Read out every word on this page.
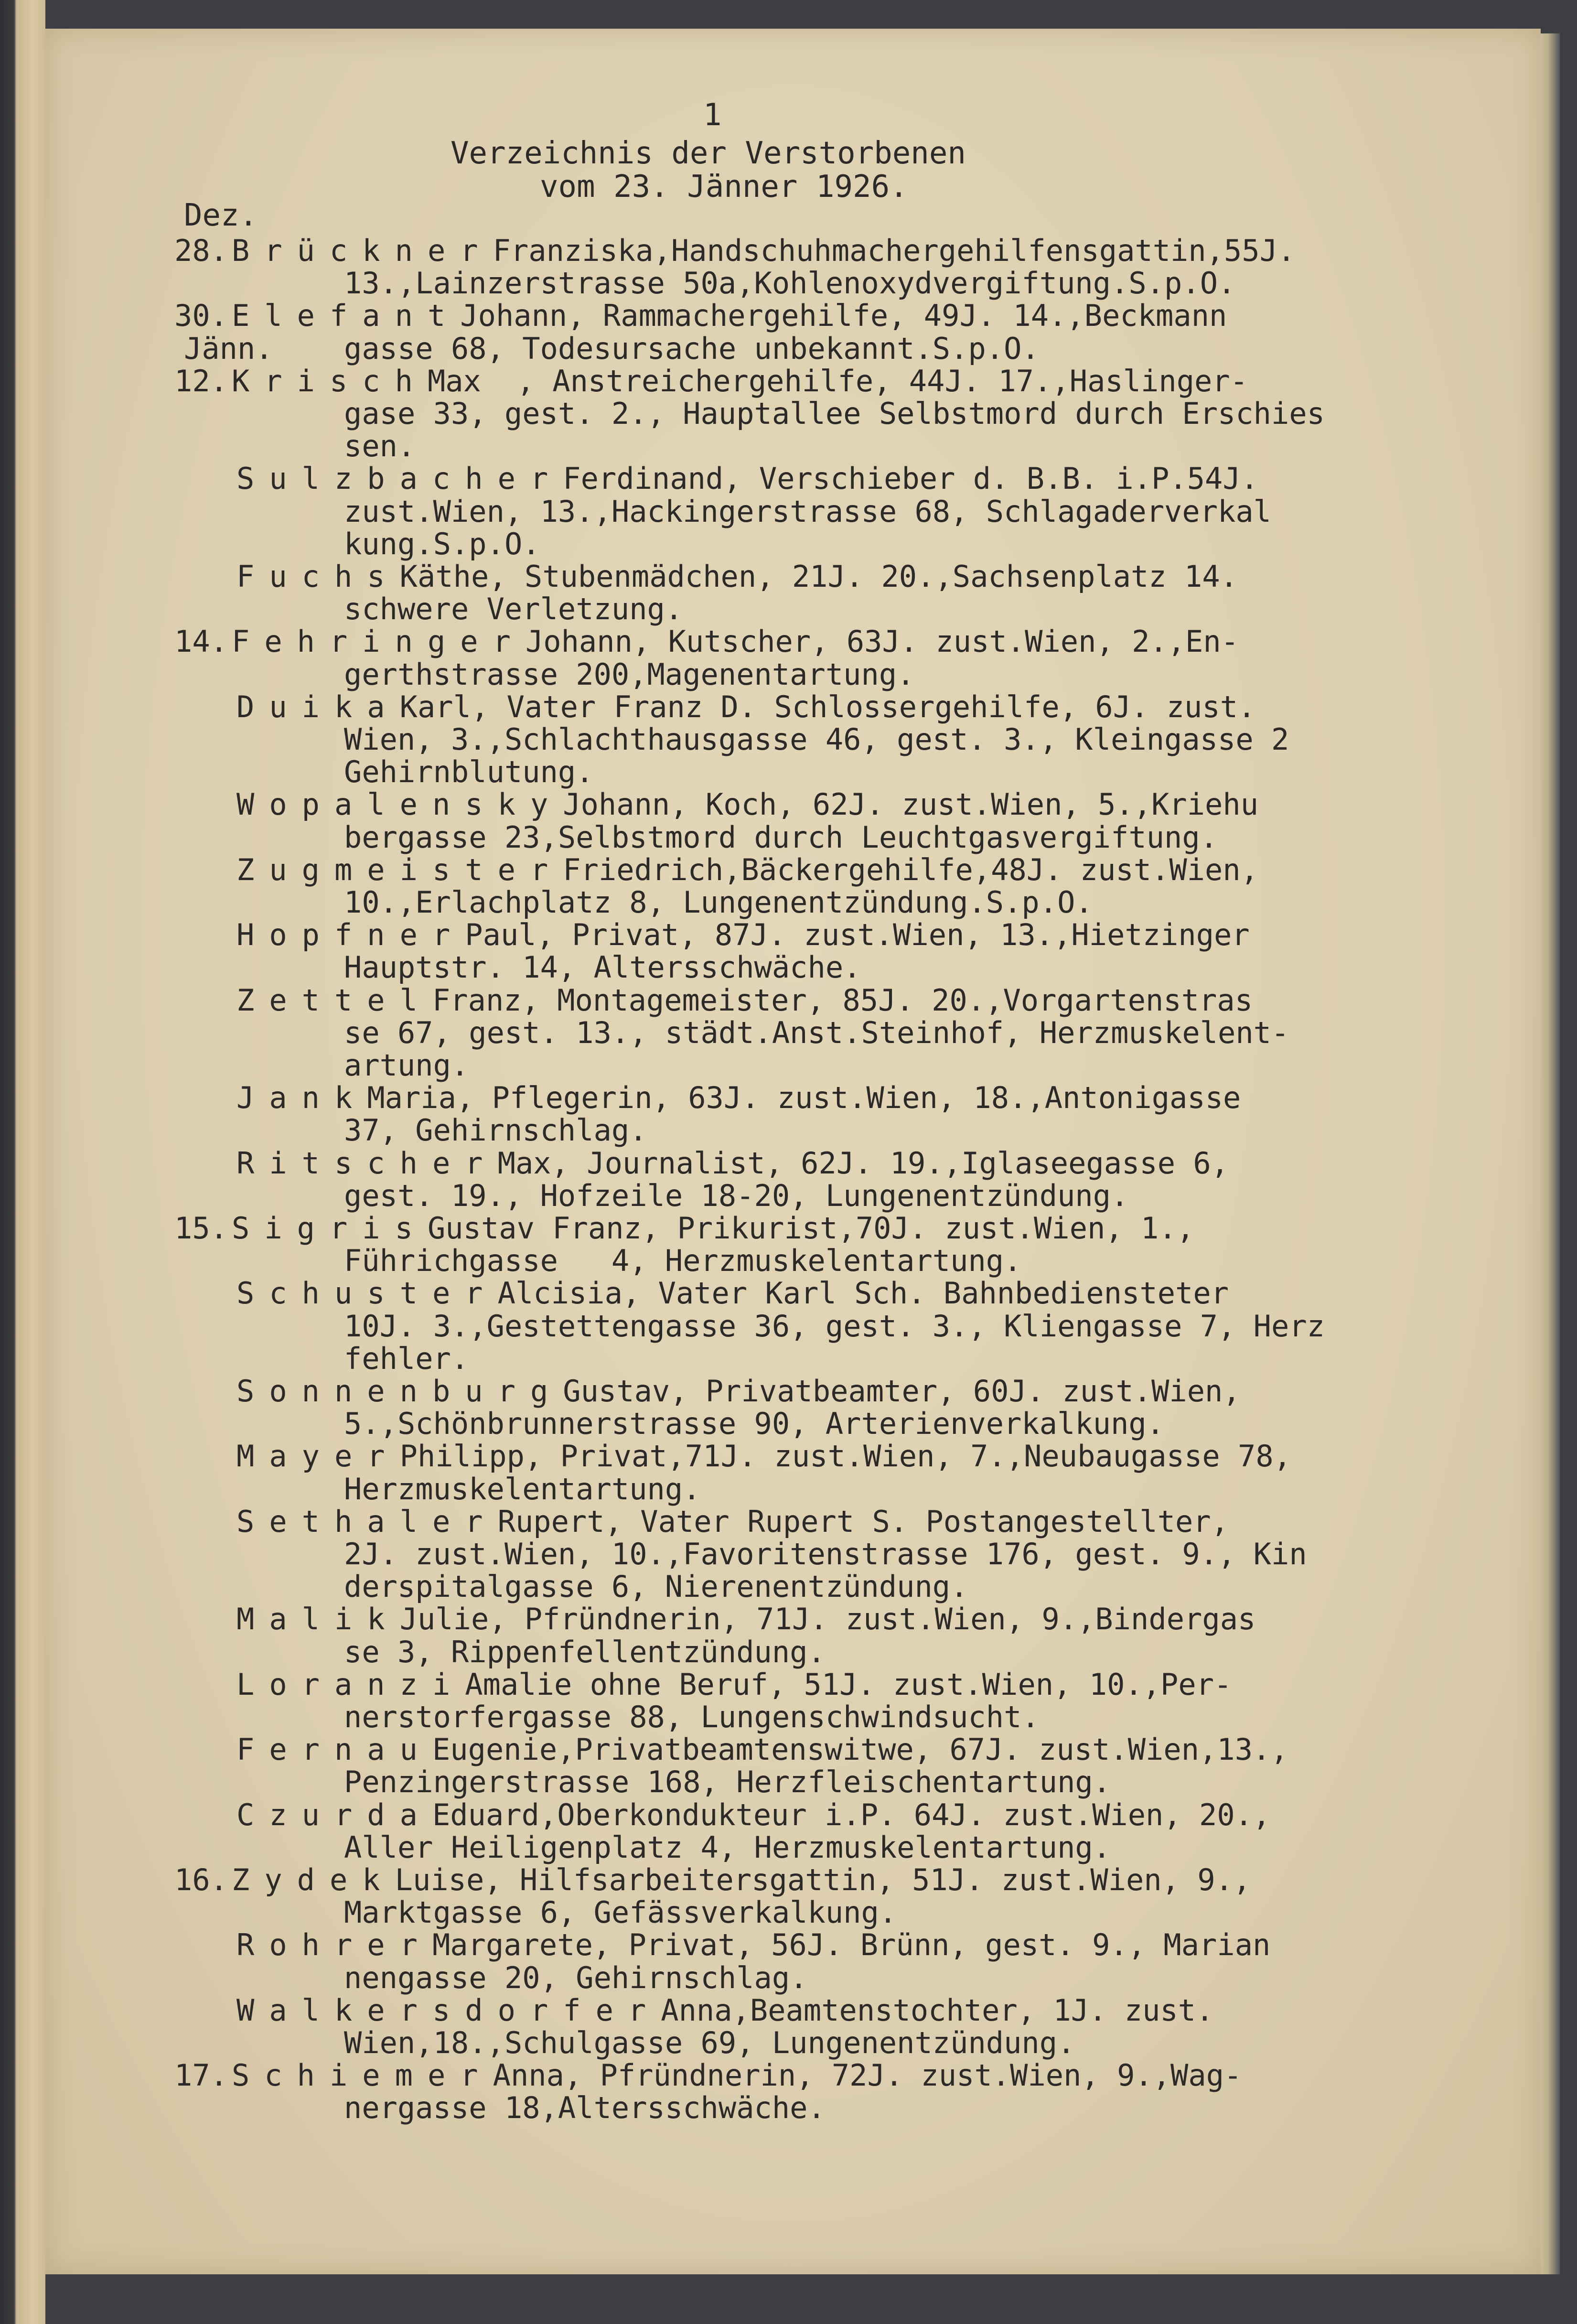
1
Verzeichnis der Verstorbenen
vom 23. Jänner 1926.
Dez.
28. BrücknerFranziska,Handschuhmachergehilfensgattin,55J.
13.,Lainzerstrasse 50a,Kohlenoxydvergiftung.S.p.O.
30. ElefantJohann, Rammachergehilfe, 49J. 14.,Beckmann
Jänn. gasse 68, Todesursache unbekannt.S.p.O.
12. KrischMax  , Anstreichergehilfe, 44J. 17.,Haslinger-
gase 33, gest. 2., Hauptallee Selbstmord durch Erschies
sen.
SulzbacherFerdinand, Verschieber d. B.B. i.P.54J.
zust.Wien, 13.,Hackingerstrasse 68, Schlagaderverkal
kung.S.p.O.
FuchsKäthe, Stubenmädchen, 21J. 20.,Sachsenplatz 14.
schwere Verletzung.
14. FehringerJohann, Kutscher, 63J. zust.Wien, 2.,En-
gerthstrasse 200,Magenentartung.
DuikaKarl, Vater Franz D. Schlossergehilfe, 6J. zust.
Wien, 3.,Schlachthausgasse 46, gest. 3., Kleingasse 2
Gehirnblutung.
WopalenskyJohann, Koch, 62J. zust.Wien, 5.,Kriehu
bergasse 23,Selbstmord durch Leuchtgasvergiftung.
ZugmeisterFriedrich,Bäckergehilfe,48J. zust.Wien,
10.,Erlachplatz 8, Lungenentzündung.S.p.O.
HopfnerPaul, Privat, 87J. zust.Wien, 13.,Hietzinger
Hauptstr. 14, Altersschwäche.
ZettelFranz, Montagemeister, 85J. 20.,Vorgartenstras
se 67, gest. 13., städt.Anst.Steinhof, Herzmuskelent-
artung.
JankMaria, Pflegerin, 63J. zust.Wien, 18.,Antonigasse
37, Gehirnschlag.
RitscherMax, Journalist, 62J. 19.,Iglaseegasse 6,
gest. 19., Hofzeile 18-20, Lungenentzündung.
15. SigrisGustav Franz, Prikurist,70J. zust.Wien, 1.,
Führichgasse   4, Herzmuskelentartung.
SchusterAlcisia, Vater Karl Sch. Bahnbediensteter
10J. 3.,Gestettengasse 36, gest. 3., Kliengasse 7, Herz
fehler.
SonnenburgGustav, Privatbeamter, 60J. zust.Wien,
5.,Schönbrunnerstrasse 90, Arterienverkalkung.
MayerPhilipp, Privat,71J. zust.Wien, 7.,Neubaugasse 78,
Herzmuskelentartung.
SethalerRupert, Vater Rupert S. Postangestellter,
2J. zust.Wien, 10.,Favoritenstrasse 176, gest. 9., Kin
derspitalgasse 6, Nierenentzündung.
MalikJulie, Pfründnerin, 71J. zust.Wien, 9.,Bindergas
se 3, Rippenfellentzündung.
LoranziAmalie ohne Beruf, 51J. zust.Wien, 10.,Per-
nerstorfergasse 88, Lungenschwindsucht.
FernauEugenie,Privatbeamtenswitwe, 67J. zust.Wien,13.,
Penzingerstrasse 168, Herzfleischentartung.
CzurdaEduard,Oberkondukteur i.P. 64J. zust.Wien, 20.,
Aller Heiligenplatz 4, Herzmuskelentartung.
16. ZydekLuise, Hilfsarbeitersgattin, 51J. zust.Wien, 9.,
Marktgasse 6, Gefässverkalkung.
RohrerMargarete, Privat, 56J. Brünn, gest. 9., Marian
nengasse 20, Gehirnschlag.
WalkersdorferAnna,Beamtenstochter, 1J. zust.
Wien,18.,Schulgasse 69, Lungenentzündung.
17. SchiemerAnna, Pfründnerin, 72J. zust.Wien, 9.,Wag-
nergasse 18,Altersschwäche.
